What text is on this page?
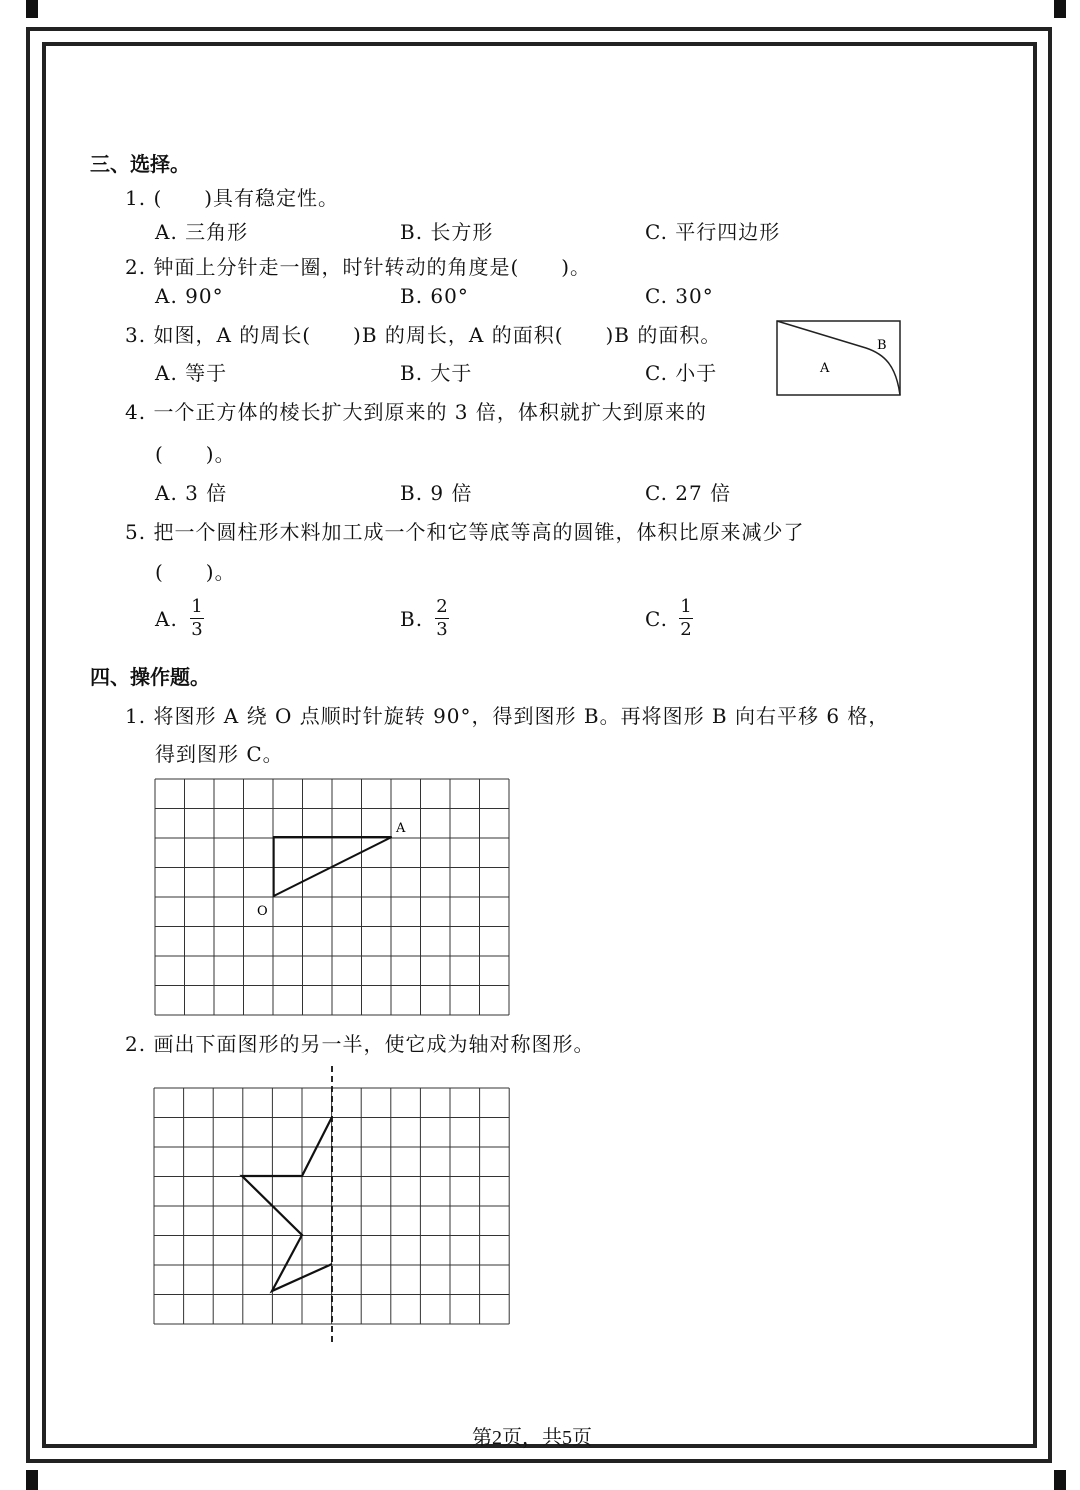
三、选择。
1. (　　)具有稳定性。
A. 三角形	B. 长方形	C. 平行四边形
2. 钟面上分针走一圈，时针转动的角度是(　　)。
A. 90°	B. 60°	C. 30°
3. 如图，A 的周长(　　)B 的周长，A 的面积(　　)B 的面积。
A. 等于	B. 大于	C. 小于	A
B
4. 一个正方体的棱长扩大到原来的 3 倍，体积就扩大到原来的
(　　)。
A. 3 倍	B. 9 倍	C. 27 倍
5. 把一个圆柱形木料加工成一个和它等底等高的圆锥，体积比原来减少了
(　　)。
A.
1
3	B.
2
3	C.
1
2
四、操作题。
1. 将图形 A 绕 O 点顺时针旋转 90°，得到图形 B。再将图形 B 向右平移 6 格，
得到图形 C。
A
O
2. 画出下面图形的另一半，使它成为轴对称图形。
第2页，共5页
